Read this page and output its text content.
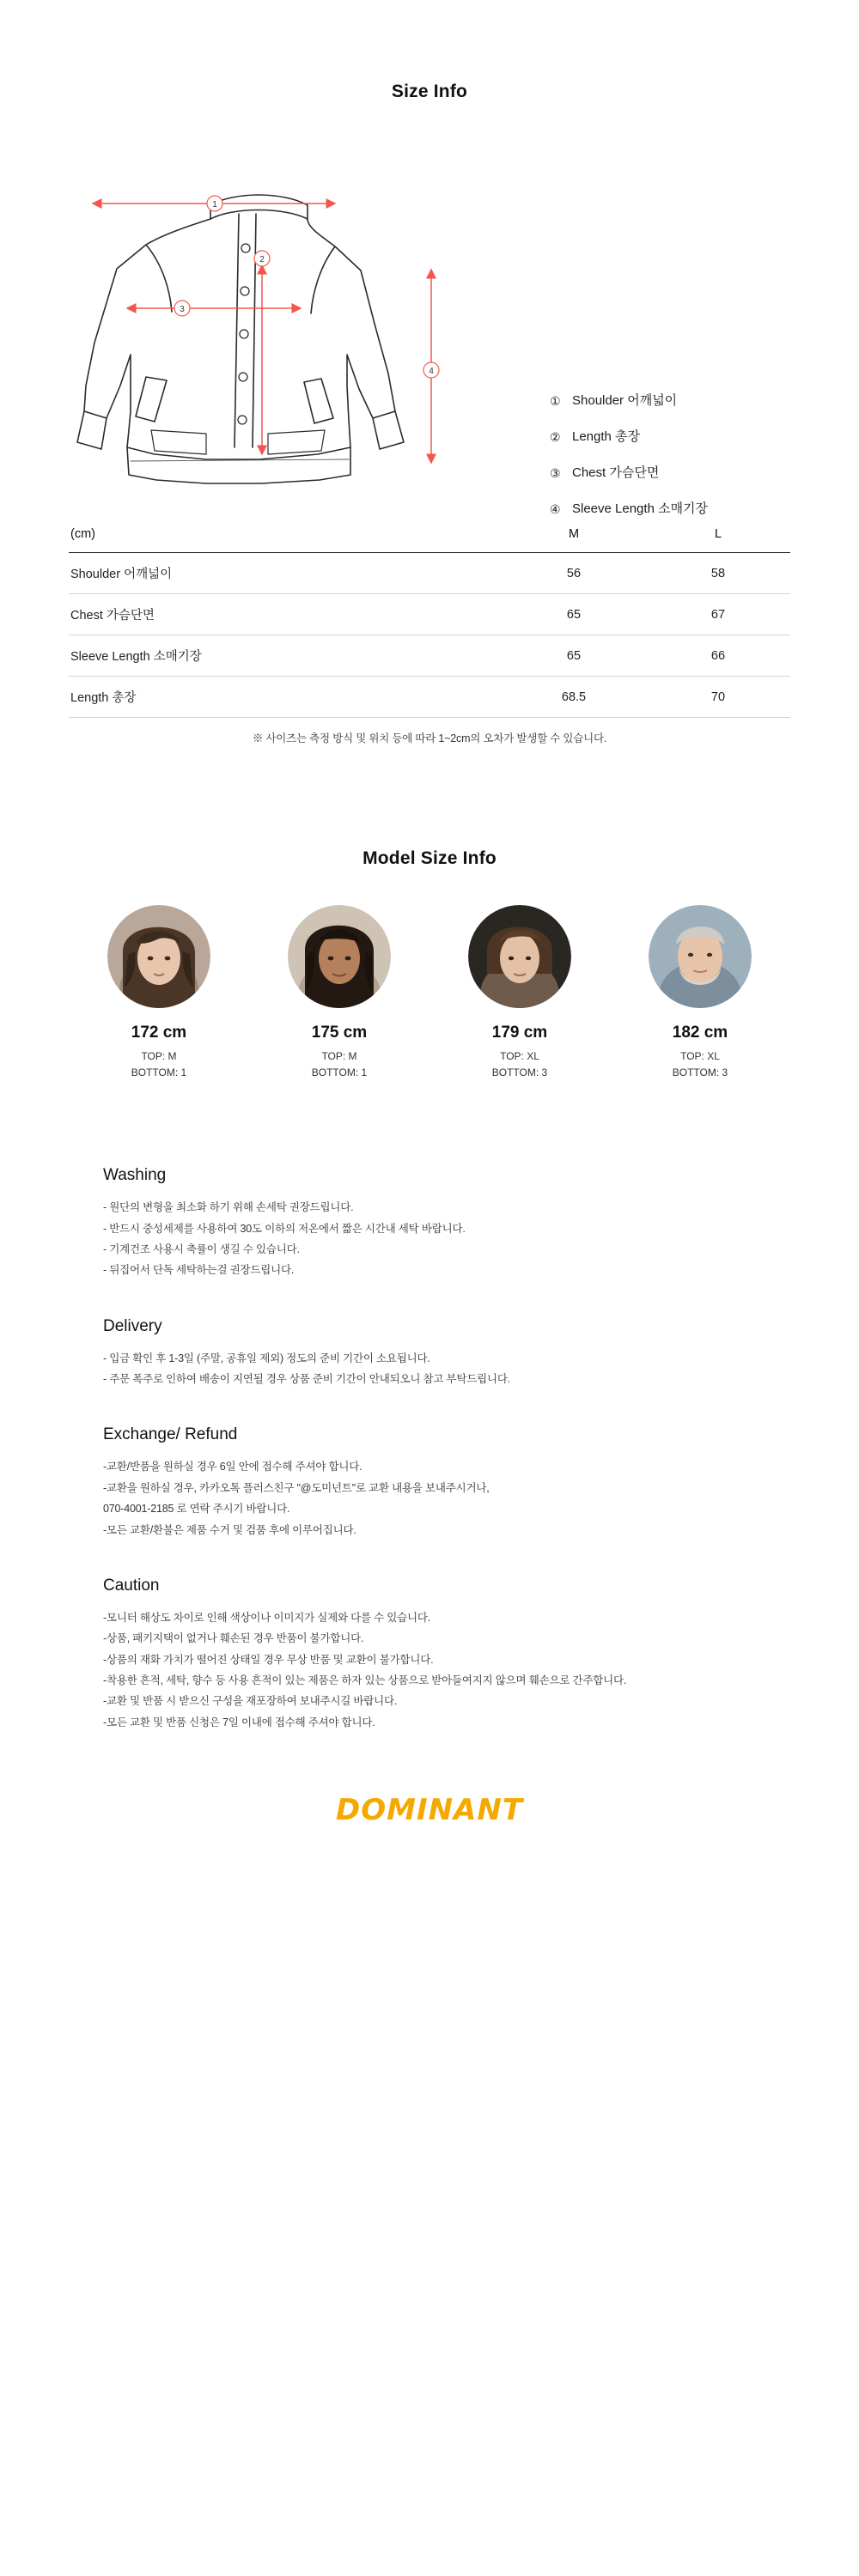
Size Info
1
2
3
4
① Shoulder 어깨넓이
② Length 총장
③ Chest 가슴단면
④ Sleeve Length 소매기장
(cm)	M	L
Shoulder 어깨넓이	56	58
Chest 가슴단면	65	67
Sleeve Length 소매기장	65	66
Length 총장	68.5	70
※ 사이즈는 측정 방식 및 위치 등에 따라 1~2cm의 오차가 발생할 수 있습니다.
Model Size Info
172 cm
TOP: M
BOTTOM: 1
175 cm
TOP: M
BOTTOM: 1
179 cm
TOP: XL
BOTTOM: 3
182 cm
TOP: XL
BOTTOM: 3
Washing
- 원단의 변형을 최소화 하기 위해 손세탁 권장드립니다.
- 반드시 중성세제를 사용하여 30도 이하의 저온에서 짧은 시간내 세탁 바랍니다.
- 기계건조 사용시 축률이 생길 수 있습니다.
- 뒤집어서 단독 세탁하는걸 권장드립니다.
Delivery
- 입금 확인 후 1-3일 (주말, 공휴일 제외) 정도의 준비 기간이 소요됩니다.
- 주문 폭주로 인하여 배송이 지연될 경우 상품 준비 기간이 안내되오니 참고 부탁드립니다.
Exchange/ Refund
-교환/반품을 원하실 경우 6일 안에 접수해 주셔야 합니다.
-교환을 원하실 경우, 카카오톡 플러스친구 "@도미넌트"로 교환 내용을 보내주시거나,
070-4001-2185 로 연락 주시기 바랍니다.
-모든 교환/환불은 제품 수거 및 검품 후에 이루어집니다.
Caution
-모니터 해상도 차이로 인해 색상이나 이미지가 실제와 다를 수 있습니다.
-상품, 패키지택이 없거나 훼손된 경우 반품이 불가합니다.
-상품의 재화 가치가 떨어진 상태일 경우 무상 반품 및 교환이 불가합니다.
-착용한 흔적, 세탁, 향수 등 사용 흔적이 있는 제품은 하자 있는 상품으로 받아들여지지 않으며 훼손으로 간주합니다.
-교환 및 반품 시 받으신 구성을 재포장하여 보내주시길 바랍니다.
-모든 교환 및 반품 신청은 7일 이내에 접수해 주셔야 합니다.
DOMINANT
